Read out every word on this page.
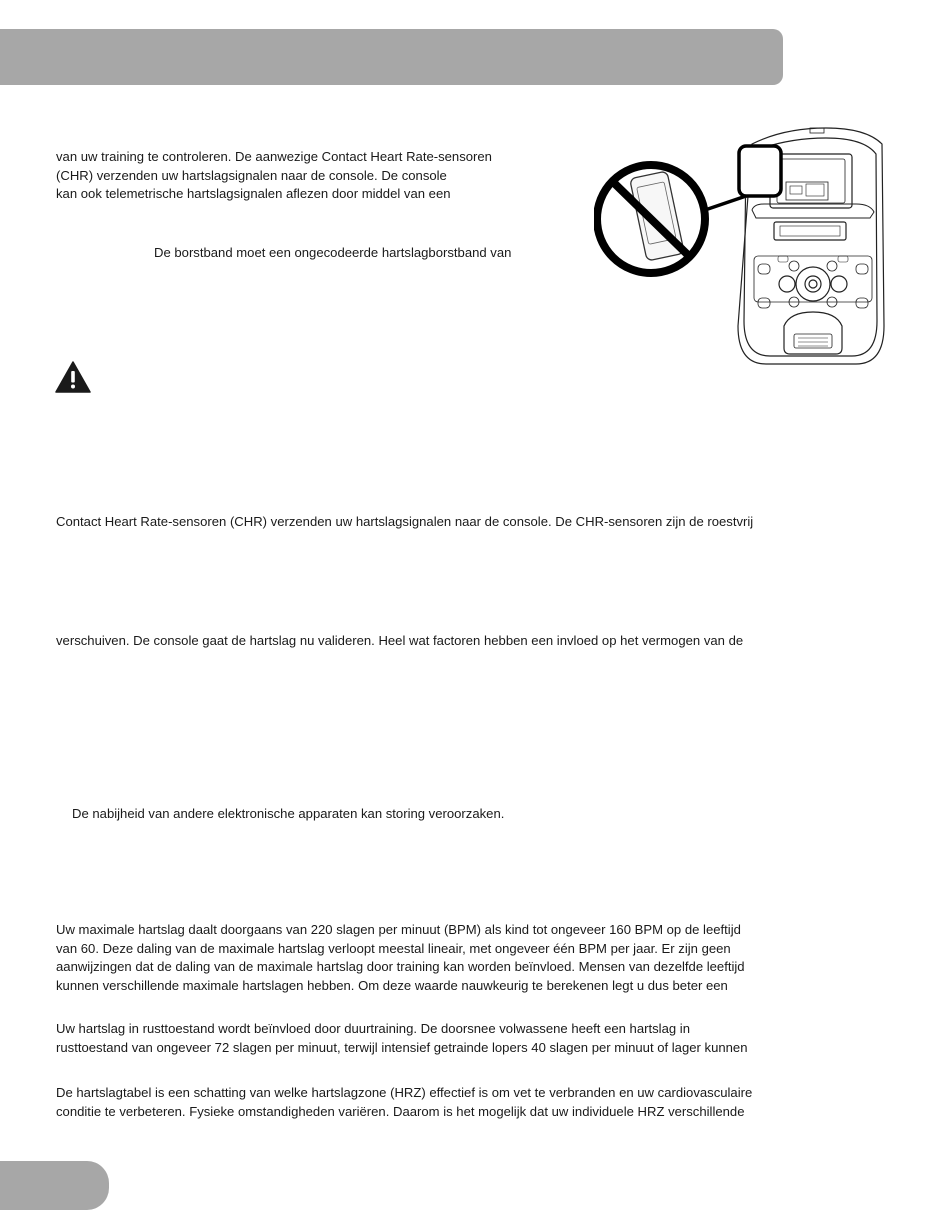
van uw training te controleren. De aanwezige Contact Heart Rate-sensoren

(CHR) verzenden uw hartslagsignalen naar de console. De console

kan ook telemetrische hartslagsignalen aflezen door middel van een

De borstband moet een ongecodeerde hartslagborstband van

Contact Heart Rate-sensoren (CHR) verzenden uw hartslagsignalen naar de console. De CHR-sensoren zijn de roestvrij

verschuiven. De console gaat de hartslag nu valideren. Heel wat factoren hebben een invloed op het vermogen van de

De nabijheid van andere elektronische apparaten kan storing veroorzaken.

Uw maximale hartslag daalt doorgaans van 220 slagen per minuut (BPM) als kind tot ongeveer 160 BPM op de leeftijd

van 60. Deze daling van de maximale hartslag verloopt meestal lineair, met ongeveer één BPM per jaar. Er zijn geen

aanwijzingen dat de daling van de maximale hartslag door training kan worden beïnvloed. Mensen van dezelfde leeftijd

kunnen verschillende maximale hartslagen hebben. Om deze waarde nauwkeurig te berekenen legt u dus beter een

Uw hartslag in rusttoestand wordt beïnvloed door duurtraining. De doorsnee volwassene heeft een hartslag in

rusttoestand van ongeveer 72 slagen per minuut, terwijl intensief getrainde lopers 40 slagen per minuut of lager kunnen

De hartslagtabel is een schatting van welke hartslagzone (HRZ) effectief is om vet te verbranden en uw cardiovasculaire

conditie te verbeteren. Fysieke omstandigheden variëren. Daarom is het mogelijk dat uw individuele HRZ verschillende
